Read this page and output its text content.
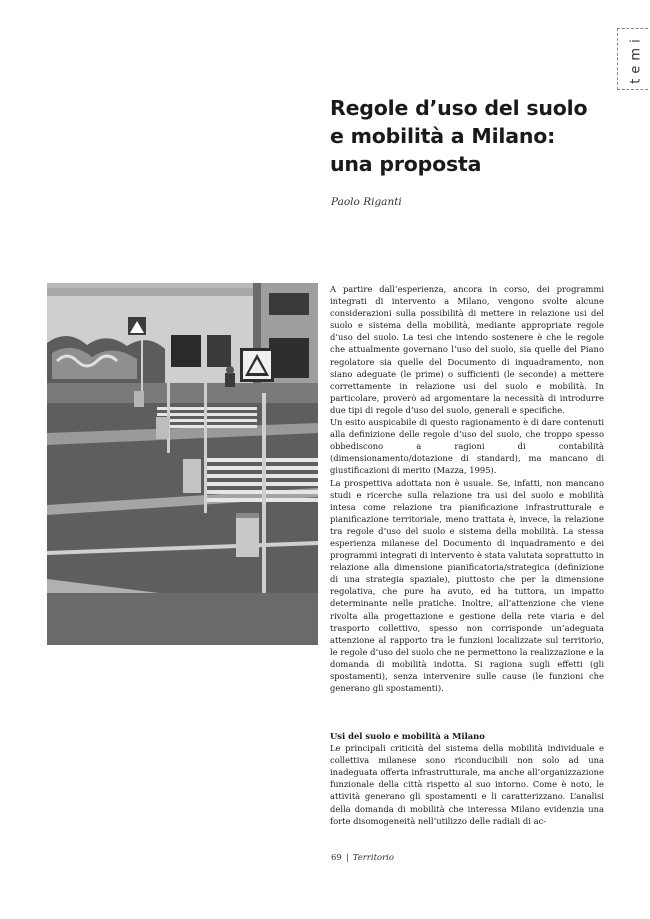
temi
Regole d’uso del suolo
e mobilità a Milano:
una proposta
Paolo Riganti

A partire dall’esperienza, ancora in corso, dei programmi integrati di intervento a Milano, vengono svolte alcune considerazioni sulla possibilità di mettere in relazione usi del suolo e sistema della mobilità, mediante appropriate regole d’uso del suolo. La tesi che intendo sostenere è che le regole che attualmente governano l’uso del suolo, sia quelle del Piano regolatore sia quelle del Documento di inquadramento, non siano adeguate (le prime) o sufficienti (le seconde) a mettere correttamente in relazione usi del suolo e mobilità. In particolare, proverò ad argomentare la necessità di introdurre due tipi di regole d’uso del suolo, generali e specifiche.

Un esito auspicabile di questo ragionamento è di dare contenuti alla definizione delle regole d’uso del suolo, che troppo spesso obbediscono a ragioni di contabilità (dimensionamento/dotazione di standard), ma mancano di giustificazioni di merito (Mazza, 1995).

La prospettiva adottata non è usuale. Se, infatti, non mancano studi e ricerche sulla relazione tra usi del suolo e mobilità intesa come relazione tra pianificazione infrastrutturale e pianificazione territoriale, meno trattata è, invece, la relazione tra regole d’uso del suolo e sistema della mobilità. La stessa esperienza milanese del Documento di inquadramento e dei programmi integrati di intervento è stata valutata soprattutto in relazione alla dimensione pianificatoria/strategica (definizione di una strategia spaziale), piuttosto che per la dimensione regolativa, che pure ha avuto, ed ha tuttora, un impatto determinante nelle pratiche. Inoltre, all’attenzione che viene rivolta alla progettazione e gestione della rete viaria e del trasporto collettivo, spesso non corrisponde un’adeguata attenzione al rapporto tra le funzioni localizzate sul territorio, le regole d’uso del suolo che ne permettono la realizzazione e la domanda di mobilità indotta. Si ragiona sugli effetti (gli spostamenti), senza intervenire sulle cause (le funzioni che generano gli spostamenti).

Usi del suolo e mobilità a Milano

Le principali criticità del sistema della mobilità individuale e collettiva milanese sono riconducibili non solo ad una inadeguata offerta infrastrutturale, ma anche all’organizzazione funzionale della città rispetto al suo intorno. Come è noto, le attività generano gli spostamenti e li caratterizzano. L’analisi della domanda di mobilità che interessa Milano evidenzia una forte disomogeneità nell’utilizzo delle radiali di ac-

69 | Territorio
